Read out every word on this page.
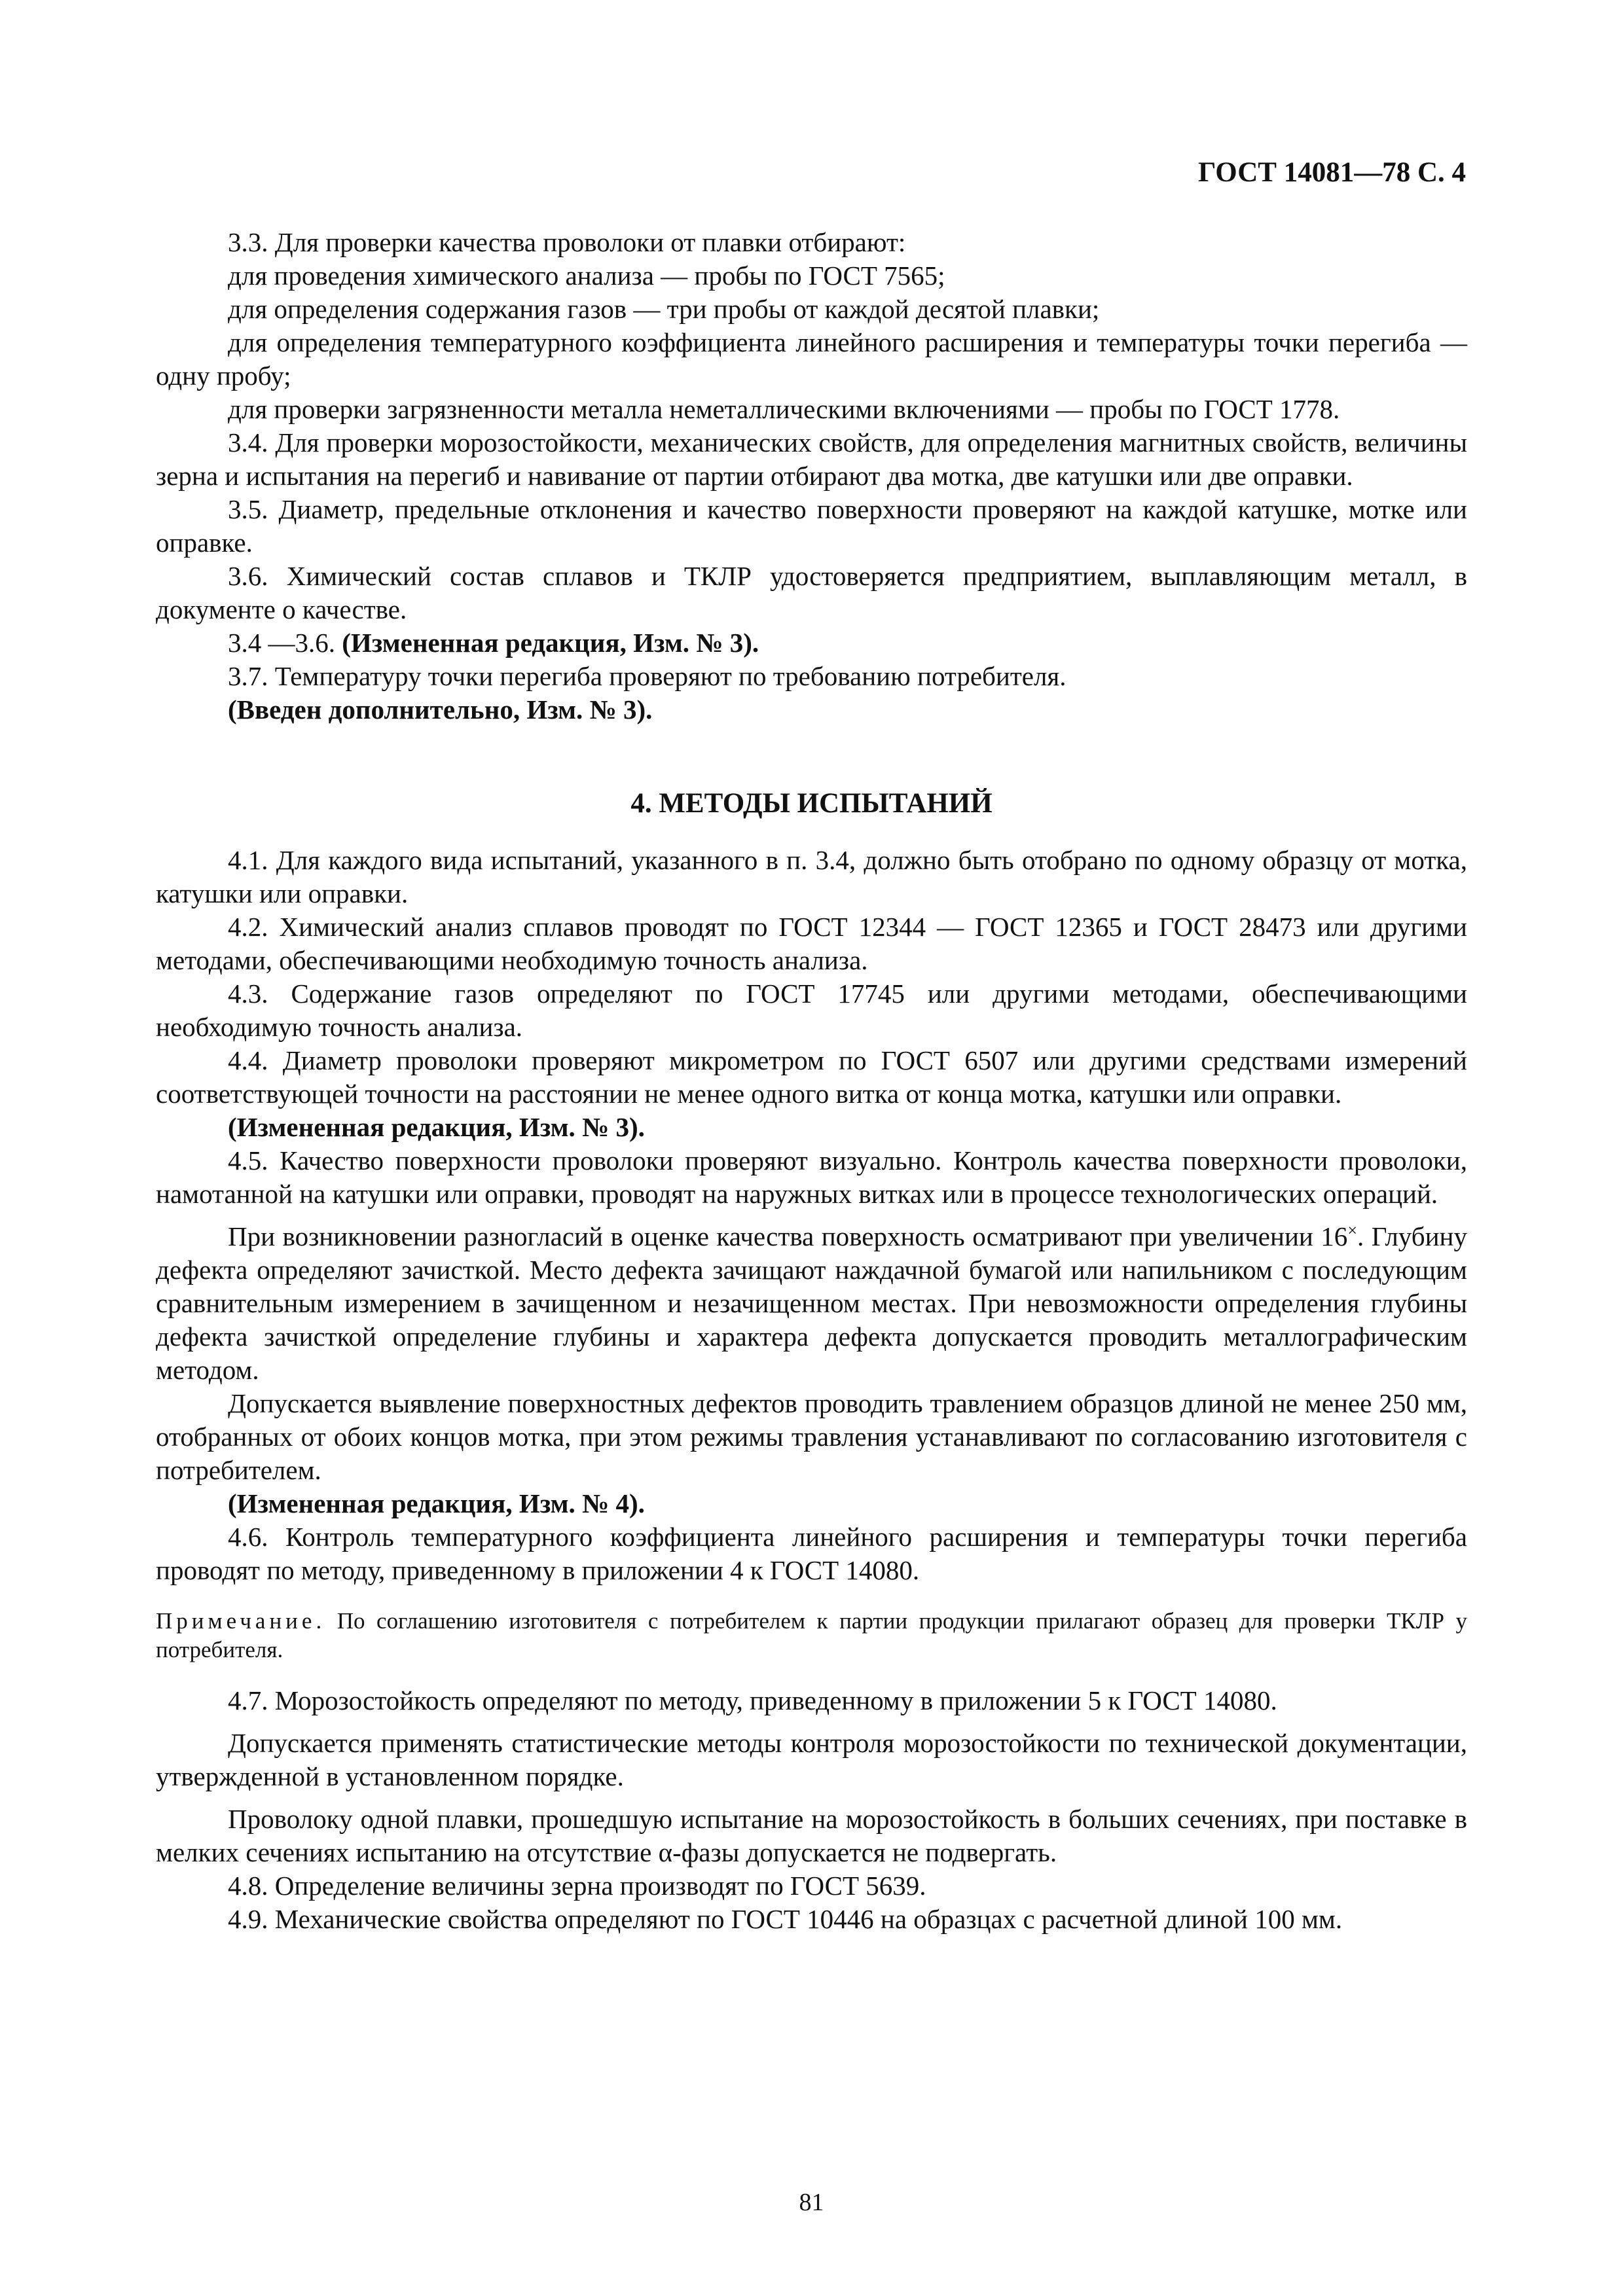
ГОСТ 14081—78 С. 4

3.3. Для проверки качества проволоки от плавки отбирают:

для проведения химического анализа — пробы по ГОСТ 7565;

для определения содержания газов — три пробы от каждой десятой плавки;

для определения температурного коэффициента линейного расширения и температуры точки перегиба — одну пробу;

для проверки загрязненности металла неметаллическими включениями — пробы по ГОСТ 1778.

3.4. Для проверки морозостойкости, механических свойств, для определения магнитных свойств, величины зерна и испытания на перегиб и навивание от партии отбирают два мотка, две катушки или две оправки.

3.5. Диаметр, предельные отклонения и качество поверхности проверяют на каждой катушке, мотке или оправке.

3.6. Химический состав сплавов и ТКЛР удостоверяется предприятием, выплавляющим металл, в документе о качестве.

3.4 —3.6. (Измененная редакция, Изм. № 3).

3.7. Температуру точки перегиба проверяют по требованию потребителя.

(Введен дополнительно, Изм. № 3).

4. МЕТОДЫ ИСПЫТАНИЙ

4.1. Для каждого вида испытаний, указанного в п. 3.4, должно быть отобрано по одному образцу от мотка, катушки или оправки.

4.2. Химический анализ сплавов проводят по ГОСТ 12344 — ГОСТ 12365 и ГОСТ 28473 или другими методами, обеспечивающими необходимую точность анализа.

4.3. Содержание газов определяют по ГОСТ 17745 или другими методами, обеспечивающими необходимую точность анализа.

4.4. Диаметр проволоки проверяют микрометром по ГОСТ 6507 или другими средствами измерений соответствующей точности на расстоянии не менее одного витка от конца мотка, катушки или оправки.

(Измененная редакция, Изм. № 3).

4.5. Качество поверхности проволоки проверяют визуально. Контроль качества поверхности проволоки, намотанной на катушки или оправки, проводят на наружных витках или в процессе технологических операций.

При возникновении разногласий в оценке качества поверхность осматривают при увеличении 16×. Глубину дефекта определяют зачисткой. Место дефекта зачищают наждачной бумагой или напильником с последующим сравнительным измерением в зачищенном и незачищенном местах. При невозможности определения глубины дефекта зачисткой определение глубины и характера дефекта допускается проводить металлографическим методом.

Допускается выявление поверхностных дефектов проводить травлением образцов длиной не менее 250 мм, отобранных от обоих концов мотка, при этом режимы травления устанавливают по согласованию изготовителя с потребителем.

(Измененная редакция, Изм. № 4).

4.6. Контроль температурного коэффициента линейного расширения и температуры точки перегиба проводят по методу, приведенному в приложении 4 к ГОСТ 14080.

Примечание. По соглашению изготовителя с потребителем к партии продукции прилагают образец для проверки ТКЛР у потребителя.

4.7. Морозостойкость определяют по методу, приведенному в приложении 5 к ГОСТ 14080.

Допускается применять статистические методы контроля морозостойкости по технической документации, утвержденной в установленном порядке.

Проволоку одной плавки, прошедшую испытание на морозостойкость в больших сечениях, при поставке в мелких сечениях испытанию на отсутствие α-фазы допускается не подвергать.

4.8. Определение величины зерна производят по ГОСТ 5639.

4.9. Механические свойства определяют по ГОСТ 10446 на образцах с расчетной длиной 100 мм.

81
